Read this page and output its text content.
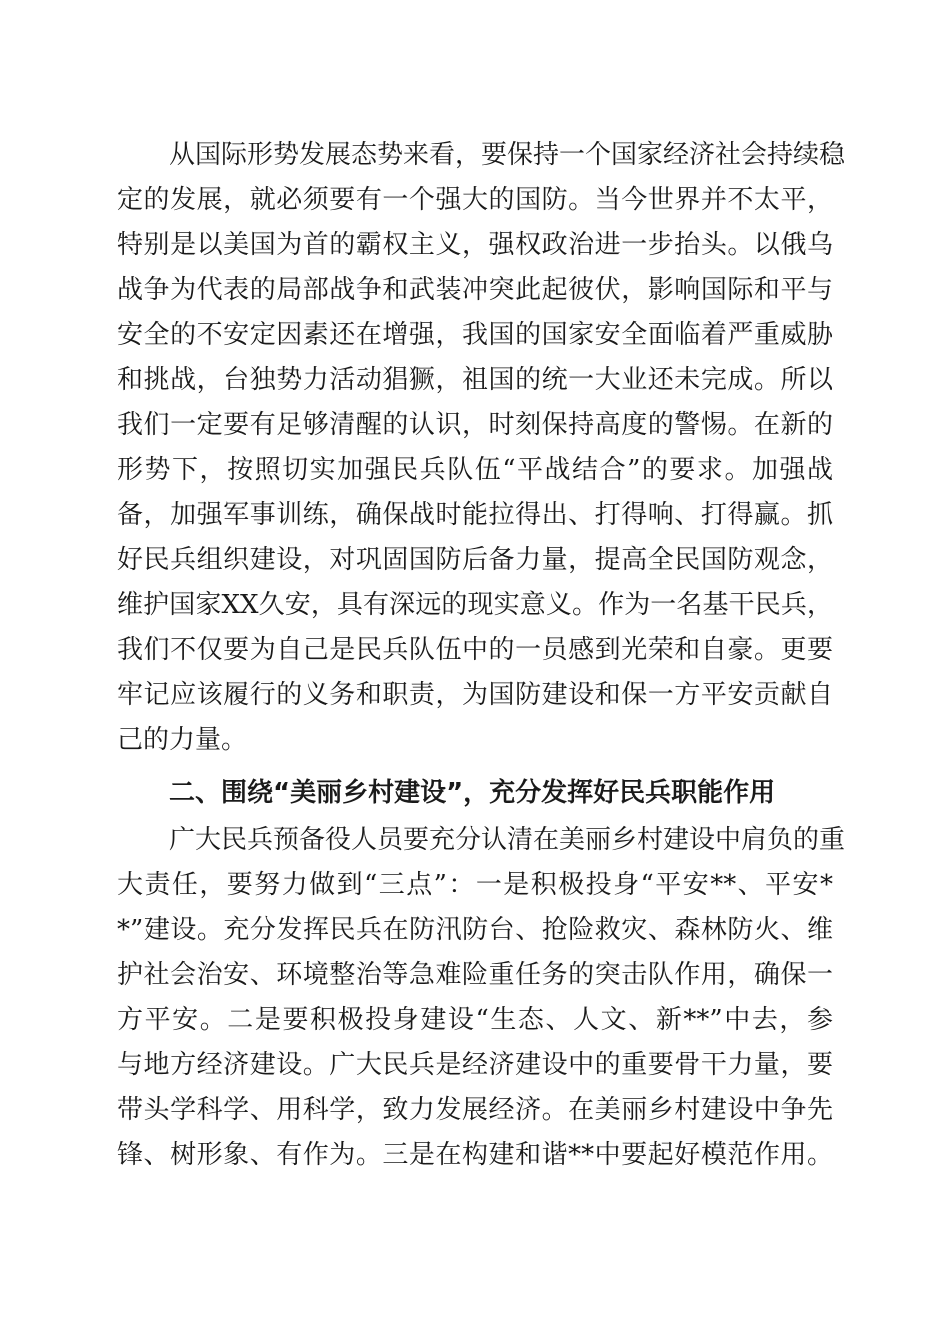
　　从国际形势发展态势来看，要保持一个国家经济社会持续稳
定的发展，就必须要有一个强大的国防。当今世界并不太平，
特别是以美国为首的霸权主义，强权政治进一步抬头。以俄乌
战争为代表的局部战争和武装冲突此起彼伏，影响国际和平与
安全的不安定因素还在增强，我国的国家安全面临着严重威胁
和挑战，台独势力活动猖獗，祖国的统一大业还未完成。所以
我们一定要有足够清醒的认识，时刻保持高度的警惕。在新的
形势下，按照切实加强民兵队伍“平战结合”的要求。加强战
备，加强军事训练，确保战时能拉得出、打得响、打得赢。抓
好民兵组织建设，对巩固国防后备力量，提高全民国防观念，
维护国家XX久安，具有深远的现实意义。作为一名基干民兵，
我们不仅要为自己是民兵队伍中的一员感到光荣和自豪。更要
牢记应该履行的义务和职责，为国防建设和保一方平安贡献自
己的力量。
　　二、围绕“美丽乡村建设”，充分发挥好民兵职能作用
　　广大民兵预备役人员要充分认清在美丽乡村建设中肩负的重
大责任，要努力做到“三点”：一是积极投身“平安**、平安*
*”建设。充分发挥民兵在防汛防台、抢险救灾、森林防火、维
护社会治安、环境整治等急难险重任务的突击队作用，确保一
方平安。二是要积极投身建设“生态、人文、新**”中去，参
与地方经济建设。广大民兵是经济建设中的重要骨干力量，要
带头学科学、用科学，致力发展经济。在美丽乡村建设中争先
锋、树形象、有作为。三是在构建和谐**中要起好模范作用。
